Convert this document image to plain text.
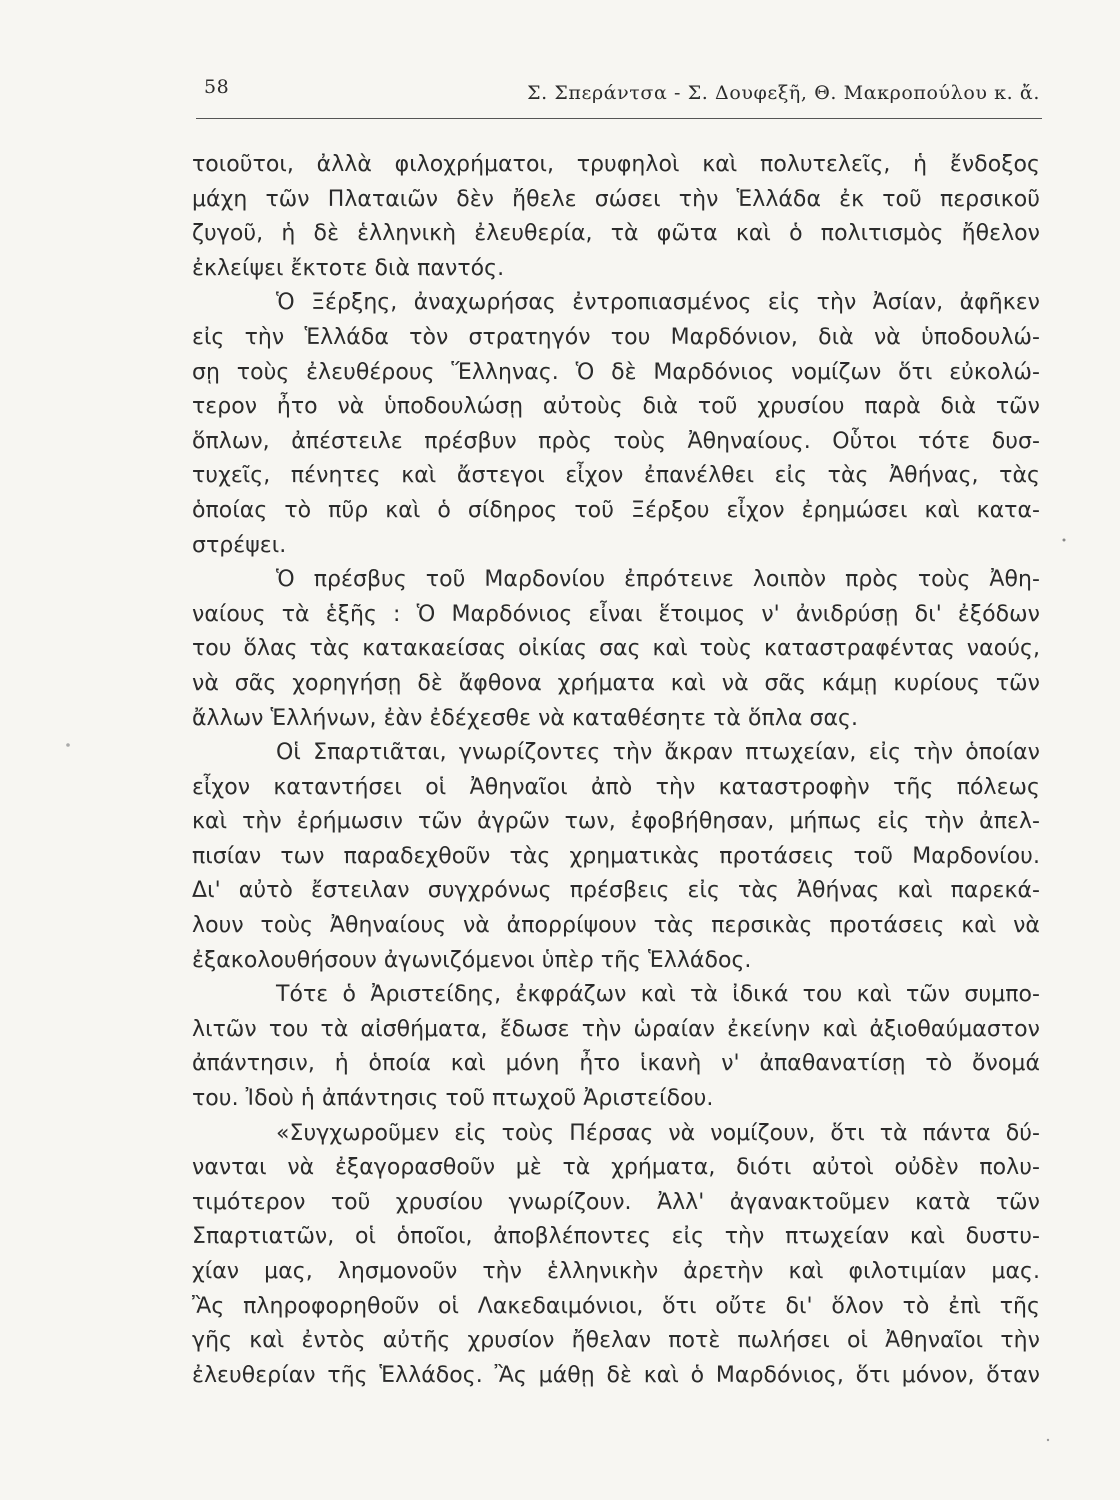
58	Σ. Σπεράντσα - Σ. Δουφεξῆ, Θ. Μακροπούλου κ. ἄ.
τοιοῦτοι, ἀλλὰ φιλοχρήματοι, τρυφηλοὶ καὶ πολυτελεῖς, ἡ ἔνδοξος
μάχη τῶν Πλαταιῶν δὲν ἤθελε σώσει τὴν Ἑλλάδα ἐκ τοῦ περσικοῦ
ζυγοῦ, ἡ δὲ ἑλληνικὴ ἐλευθερία, τὰ φῶτα καὶ ὁ πολιτισμὸς ἤθελον
ἐκλείψει ἔκτοτε διὰ παντός.
Ὁ Ξέρξης, ἀναχωρήσας ἐντροπιασμένος εἰς τὴν Ἀσίαν, ἀφῆκεν
εἰς τὴν Ἑλλάδα τὸν στρατηγόν του Μαρδόνιον, διὰ νὰ ὑποδουλώ-
σῃ τοὺς ἐλευθέρους Ἕλληνας. Ὁ δὲ Μαρδόνιος νομίζων ὅτι εὐκολώ-
τερον ἦτο νὰ ὑποδουλώσῃ αὐτοὺς διὰ τοῦ χρυσίου παρὰ διὰ τῶν
ὅπλων, ἀπέστειλε πρέσβυν πρὸς τοὺς Ἀθηναίους. Οὗτοι τότε δυσ-
τυχεῖς, πένητες καὶ ἄστεγοι εἶχον ἐπανέλθει εἰς τὰς Ἀθήνας, τὰς
ὁποίας τὸ πῦρ καὶ ὁ σίδηρος τοῦ Ξέρξου εἶχον ἐρημώσει καὶ κατα-
στρέψει.
Ὁ πρέσβυς τοῦ Μαρδονίου ἐπρότεινε λοιπὸν πρὸς τοὺς Ἀθη-
ναίους τὰ ἑξῆς : Ὁ Μαρδόνιος εἶναι ἕτοιμος ν' ἀνιδρύσῃ δι' ἐξόδων
του ὅλας τὰς κατακαείσας οἰκίας σας καὶ τοὺς καταστραφέντας ναούς,
νὰ σᾶς χορηγήσῃ δὲ ἄφθονα χρήματα καὶ νὰ σᾶς κάμῃ κυρίους τῶν
ἄλλων Ἑλλήνων, ἐὰν ἐδέχεσθε νὰ καταθέσητε τὰ ὅπλα σας.
Οἱ Σπαρτιᾶται, γνωρίζοντες τὴν ἄκραν πτωχείαν, εἰς τὴν ὁποίαν
εἶχον καταντήσει οἱ Ἀθηναῖοι ἀπὸ τὴν καταστροφὴν τῆς πόλεως
καὶ τὴν ἐρήμωσιν τῶν ἀγρῶν των, ἐφοβήθησαν, μήπως εἰς τὴν ἀπελ-
πισίαν των παραδεχθοῦν τὰς χρηματικὰς προτάσεις τοῦ Μαρδονίου.
Δι' αὐτὸ ἔστειλαν συγχρόνως πρέσβεις εἰς τὰς Ἀθήνας καὶ παρεκά-
λουν τοὺς Ἀθηναίους νὰ ἀπορρίψουν τὰς περσικὰς προτάσεις καὶ νὰ
ἐξακολουθήσουν ἀγωνιζόμενοι ὑπὲρ τῆς Ἑλλάδος.
Τότε ὁ Ἀριστείδης, ἐκφράζων καὶ τὰ ἰδικά του καὶ τῶν συμπο-
λιτῶν του τὰ αἰσθήματα, ἔδωσε τὴν ὡραίαν ἐκείνην καὶ ἀξιοθαύμαστον
ἀπάντησιν, ἡ ὁποία καὶ μόνη ἦτο ἱκανὴ ν' ἀπαθανατίσῃ τὸ ὄνομά
του. Ἰδοὺ ἡ ἀπάντησις τοῦ πτωχοῦ Ἀριστείδου.
«Συγχωροῦμεν εἰς τοὺς Πέρσας νὰ νομίζουν, ὅτι τὰ πάντα δύ-
νανται νὰ ἐξαγορασθοῦν μὲ τὰ χρήματα, διότι αὐτοὶ οὐδὲν πολυ-
τιμότερον τοῦ χρυσίου γνωρίζουν. Ἀλλ' ἀγανακτοῦμεν κατὰ τῶν
Σπαρτιατῶν, οἱ ὁποῖοι, ἀποβλέποντες εἰς τὴν πτωχείαν καὶ δυστυ-
χίαν μας, λησμονοῦν τὴν ἑλληνικὴν ἀρετὴν καὶ φιλοτιμίαν μας.
Ἂς πληροφορηθοῦν οἱ Λακεδαιμόνιοι, ὅτι οὔτε δι' ὅλον τὸ ἐπὶ τῆς
γῆς καὶ ἐντὸς αὐτῆς χρυσίον ἤθελαν ποτὲ πωλήσει οἱ Ἀθηναῖοι τὴν
ἐλευθερίαν τῆς Ἑλλάδος. Ἂς μάθῃ δὲ καὶ ὁ Μαρδόνιος, ὅτι μόνον, ὅταν
